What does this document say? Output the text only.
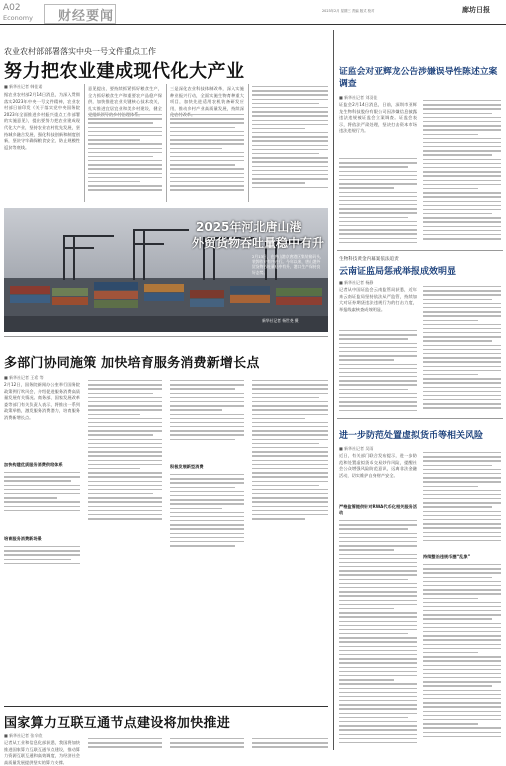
A02
Economy 财经要闻	2023年2月 星期三 责编 版式 校对	廊坊日报
农业农村部部署落实中央一号文件重点工作
努力把农业建成现代化大产业
■ 新华社记者 韩佳诺
据农业农村部2月14日消息，为深入贯彻落实2023年中央一号文件精神，农业农村部日前印发《关于落实党中央国务院2023年全面推进乡村振兴重点工作部署的实施意见》，提出要努力把农业建成现代化大产业，坚持农业农村优先发展，坚持城乡融合发展，强化科技创新和制度创新，坚决守牢确保粮食安全、防止规模性返贫等底线。
意见提出，要持续抓紧抓好粮食生产，全力抓好粮食生产和重要农产品稳产保供，加快推进农业关键核心技术攻关，扎实推进宜居宜业和美乡村建设，健全
三是深化农业科技体制改革，深入实施种业振兴行动，全面实施生物育种重大项目，加快先进适用农机装备研发应用，推动乡村产业高质量发展，持续深
2025年河北唐山港
外贸货物吞吐量稳中有升
2月13日，在唐山港京唐港区集装箱码头，装卸作业有序进行。今年以来，唐山港外贸货物吞吐量稳中有升，港口生产保持良好态势。
新华社记者 杨世尧 摄
多部门协同施策 加快培育服务消费新增长点
■ 新华社记者 王希 等
2月12日，国务院新闻办公室举行国务院政策例行吹风会，介绍促进服务消费高质量发展有关情况。商务部、国家发展改革委等部门有关负责人表示，将推出一系列政策举措，激发服务消费潜力，培育服务消费新增长点。
加快构建优质服务消费供给体系
培育服务消费新场景
积极发展新型消费
国家算力互联互通节点建设将加快推进
■ 新华社记者 张辛欣
记者从工业和信息化部获悉，我国将加快推进国家算力互联互通节点建设，推动算力资源互联互通和高效调度，为经济社会高质量发展提供坚实的算力支撑。
证监会对亚辉龙公告涉嫌误导性陈述立案调查
■ 新华社记者 刘羽佳
证监会2月14日消息，日前，深圳市亚辉龙生物科技股份有限公司因涉嫌信息披露违法违规被证监会立案调查。证监会表示，将依法严肃处理，坚决打击资本市场违法违规行为。
生物科技黄金内幕案依法追责
云南证监局惩戒举报成效明显
■ 新华社记者 杨静
记者从中国证监会云南监管局获悉，近年来云南证监局坚持依法从严监管，持续加大对证券期货违法违规行为的打击力度，举报线索核查成效明显。
进一步防范处置虚拟货币等相关风险
■ 新华社记者 吴雨
近日，有关部门联合发布提示，进一步防范和处置虚拟货币交易炒作风险，提醒社会公众增强风险防范意识，远离非法金融活动，切实维护自身财产安全。
严格监管提供针对RWA代币化相关服务活动
持续整治违规币圈“乱象”
